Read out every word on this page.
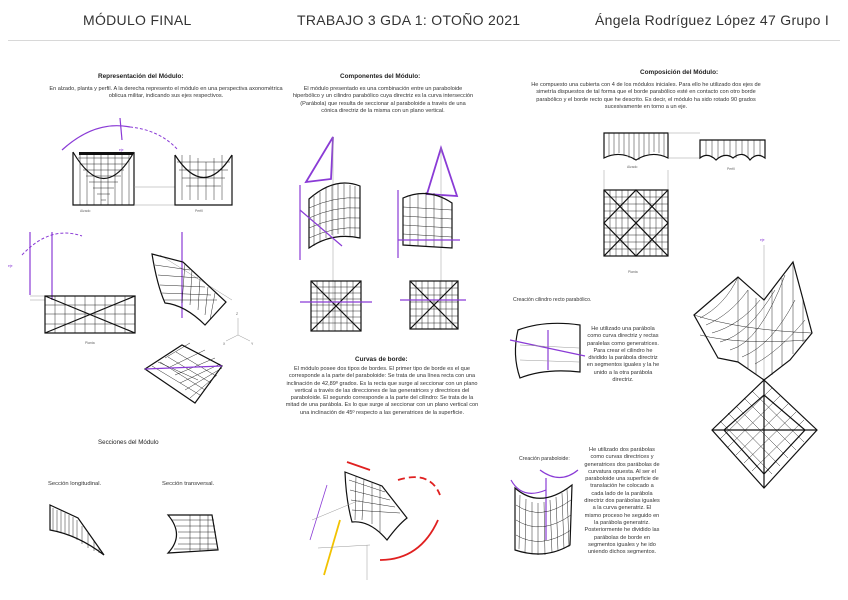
MÓDULO FINAL	TRABAJO 3 GDA 1: OTOÑO 2021	Ángela Rodríguez López 47 Grupo I
Representación del Módulo:
En alzado, planta y perfil. A la derecha represento el módulo en una perspectiva axonométrica oblicua militar, indicando sus ejes respectivos.
Alzado	Perfil
eje
Planta
eje
Z
X	Y
Secciones del Módulo
Sección longitudinal.	Sección transversal.
Componentes del Módulo:
El módulo presentado es una combinación entre un paraboloide hiperbólico y un cilindro parabólico cuya directriz es la curva intersección (Parábola) que resulta de seccionar al paraboloide a través de una cónica directriz de la misma con un plano vertical.
Curvas de borde:
El módulo posee dos tipos de bordes. El primer tipo de borde es el que corresponde a la parte del paraboloide: Se trata de una línea recta con una inclinación de 42,89º grados. Es la recta que surge al seccionar con un plano vertical a través de las direcciones de las generatrices y directrices del paraboloide. El segundo corresponde a la parte del cilindro: Se trata de la mitad de una parábola. Es lo que surge al seccionar con un plano vertical con una inclinación de 45º respecto a las generatrices de la superficie.
Composición del Módulo:
He compuesto una cubierta con 4 de los módulos iniciales. Para ello he utilizado dos ejes de simetría dispuestos de tal forma que el borde parabólico esté en contacto con otro borde parabólico y el borde recto que he descrito. Es decir, el módulo ha sido rotado 90 grados sucesivamente en torno a un eje.
Alzado	Perfil
Planta
Creación cilindro recto parabólico.
He utilizado una parábola como curva directriz y rectas paralelas como generatrices. Para crear el cilindro he dividido la parábola directriz en segmentos iguales y la he unido a la otra parábola directriz.
Creación paraboloide:
He utilizado dos parábolas como curvas directrices y generatrices dos parábolas de curvatura opuesta. Al ser el paraboloide una superficie de translación he colocado a cada lado de la parábola directriz dos parábolas iguales a la curva generatriz. El mismo proceso he seguido en la parábola generatriz. Posteriormente he dividido las parábolas de borde en segmentos iguales y he ido uniendo dichos segmentos.
eje
